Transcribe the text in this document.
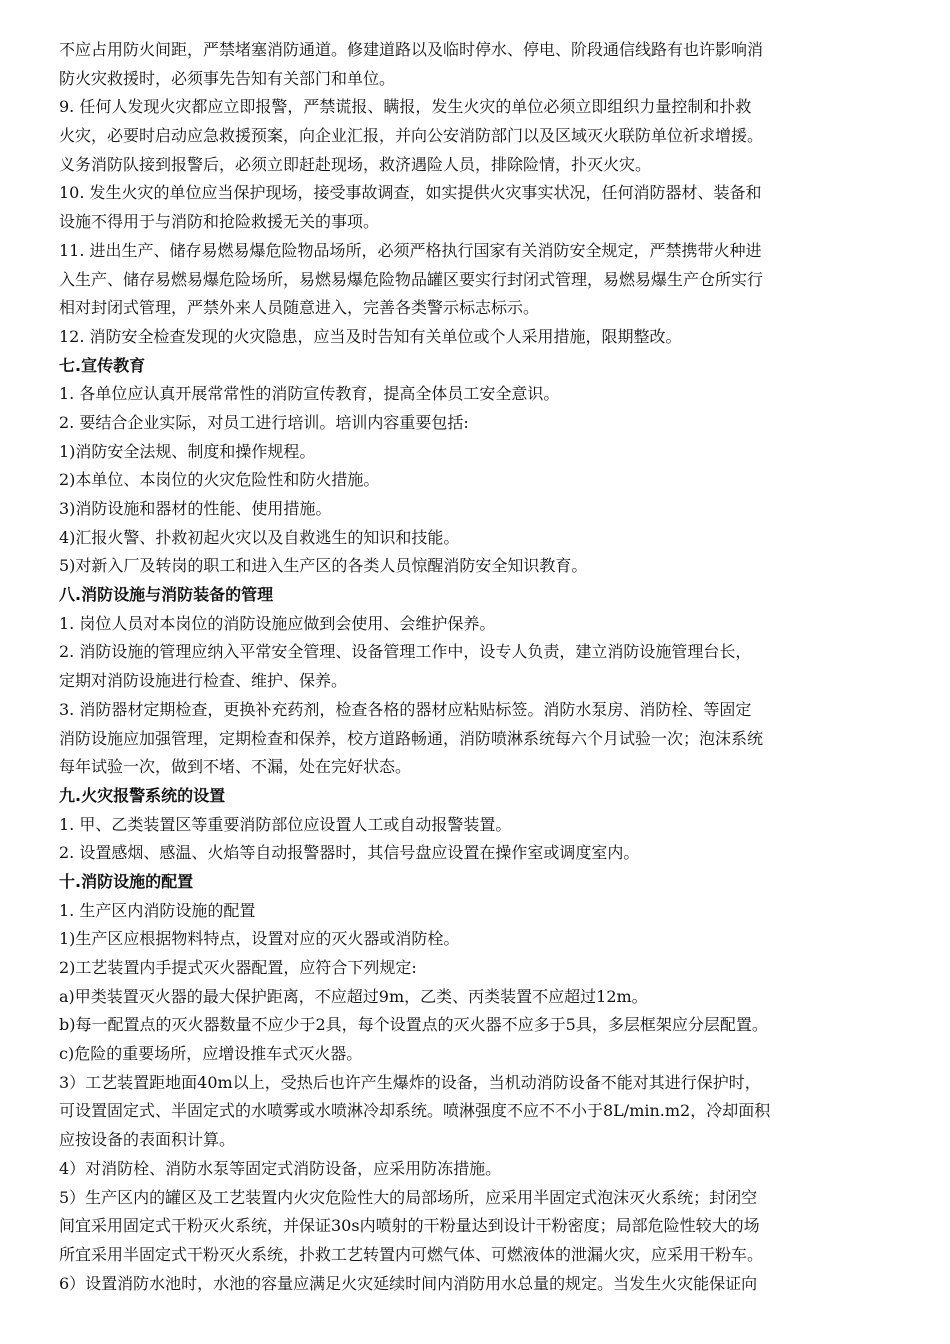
不应占用防火间距，严禁堵塞消防通道。修建道路以及临时停水、停电、阶段通信线路有也许影响消
防火灾救援时，必须事先告知有关部门和单位。
9. 任何人发现火灾都应立即报警，严禁谎报、瞒报，发生火灾的单位必须立即组织力量控制和扑救
火灾，必要时启动应急救援预案，向企业汇报，并向公安消防部门以及区域灭火联防单位祈求增援。
义务消防队接到报警后，必须立即赶赴现场，救济遇险人员，排除险情，扑灭火灾。
10. 发生火灾的单位应当保护现场，接受事故调查，如实提供火灾事实状况，任何消防器材、装备和
设施不得用于与消防和抢险救援无关的事项。
11. 进出生产、储存易燃易爆危险物品场所，必须严格执行国家有关消防安全规定，严禁携带火种进
入生产、储存易燃易爆危险场所，易燃易爆危险物品罐区要实行封闭式管理，易燃易爆生产仓所实行
相对封闭式管理，严禁外来人员随意进入，完善各类警示标志标示。
12. 消防安全检查发现的火灾隐患，应当及时告知有关单位或个人采用措施，限期整改。
七.宣传教育
1. 各单位应认真开展常常性的消防宣传教育，提高全体员工安全意识。
2. 要结合企业实际，对员工进行培训。培训内容重要包括:
1)消防安全法规、制度和操作规程。
2)本单位、本岗位的火灾危险性和防火措施。
3)消防设施和器材的性能、使用措施。
4)汇报火警、扑救初起火灾以及自救逃生的知识和技能。
5)对新入厂及转岗的职工和进入生产区的各类人员惊醒消防安全知识教育。
八.消防设施与消防装备的管理
1. 岗位人员对本岗位的消防设施应做到会使用、会维护保养。
2. 消防设施的管理应纳入平常安全管理、设备管理工作中，设专人负责，建立消防设施管理台长，
定期对消防设施进行检查、维护、保养。
3. 消防器材定期检查，更换补充药剂，检查各格的器材应粘贴标签。消防水泵房、消防栓、等固定
消防设施应加强管理，定期检查和保养，校方道路畅通，消防喷淋系统每六个月试验一次；泡沫系统
每年试验一次，做到不堵、不漏，处在完好状态。
九.火灾报警系统的设置
1. 甲、乙类装置区等重要消防部位应设置人工或自动报警装置。
2. 设置感烟、感温、火焰等自动报警器时，其信号盘应设置在操作室或调度室内。
十.消防设施的配置
1. 生产区内消防设施的配置
1)生产区应根据物料特点，设置对应的灭火器或消防栓。
2)工艺装置内手提式灭火器配置，应符合下列规定:
a)甲类装置灭火器的最大保护距离，不应超过9m，乙类、丙类装置不应超过12m。
b)每一配置点的灭火器数量不应少于2具，每个设置点的灭火器不应多于5具，多层框架应分层配置。
c)危险的重要场所，应增设推车式灭火器。
3）工艺装置距地面40m以上，受热后也许产生爆炸的设备，当机动消防设备不能对其进行保护时，
可设置固定式、半固定式的水喷雾或水喷淋冷却系统。喷淋强度不应不不小于8L/min.m2，冷却面积
应按设备的表面积计算。
4）对消防栓、消防水泵等固定式消防设备，应采用防冻措施。
5）生产区内的罐区及工艺装置内火灾危险性大的局部场所，应采用半固定式泡沫灭火系统；封闭空
间宜采用固定式干粉灭火系统，并保证30s内喷射的干粉量达到设计干粉密度；局部危险性较大的场
所宜采用半固定式干粉灭火系统，扑救工艺转置内可燃气体、可燃液体的泄漏火灾，应采用干粉车。
6）设置消防水池时，水池的容量应满足火灾延续时间内消防用水总量的规定。当发生火灾能保证向
